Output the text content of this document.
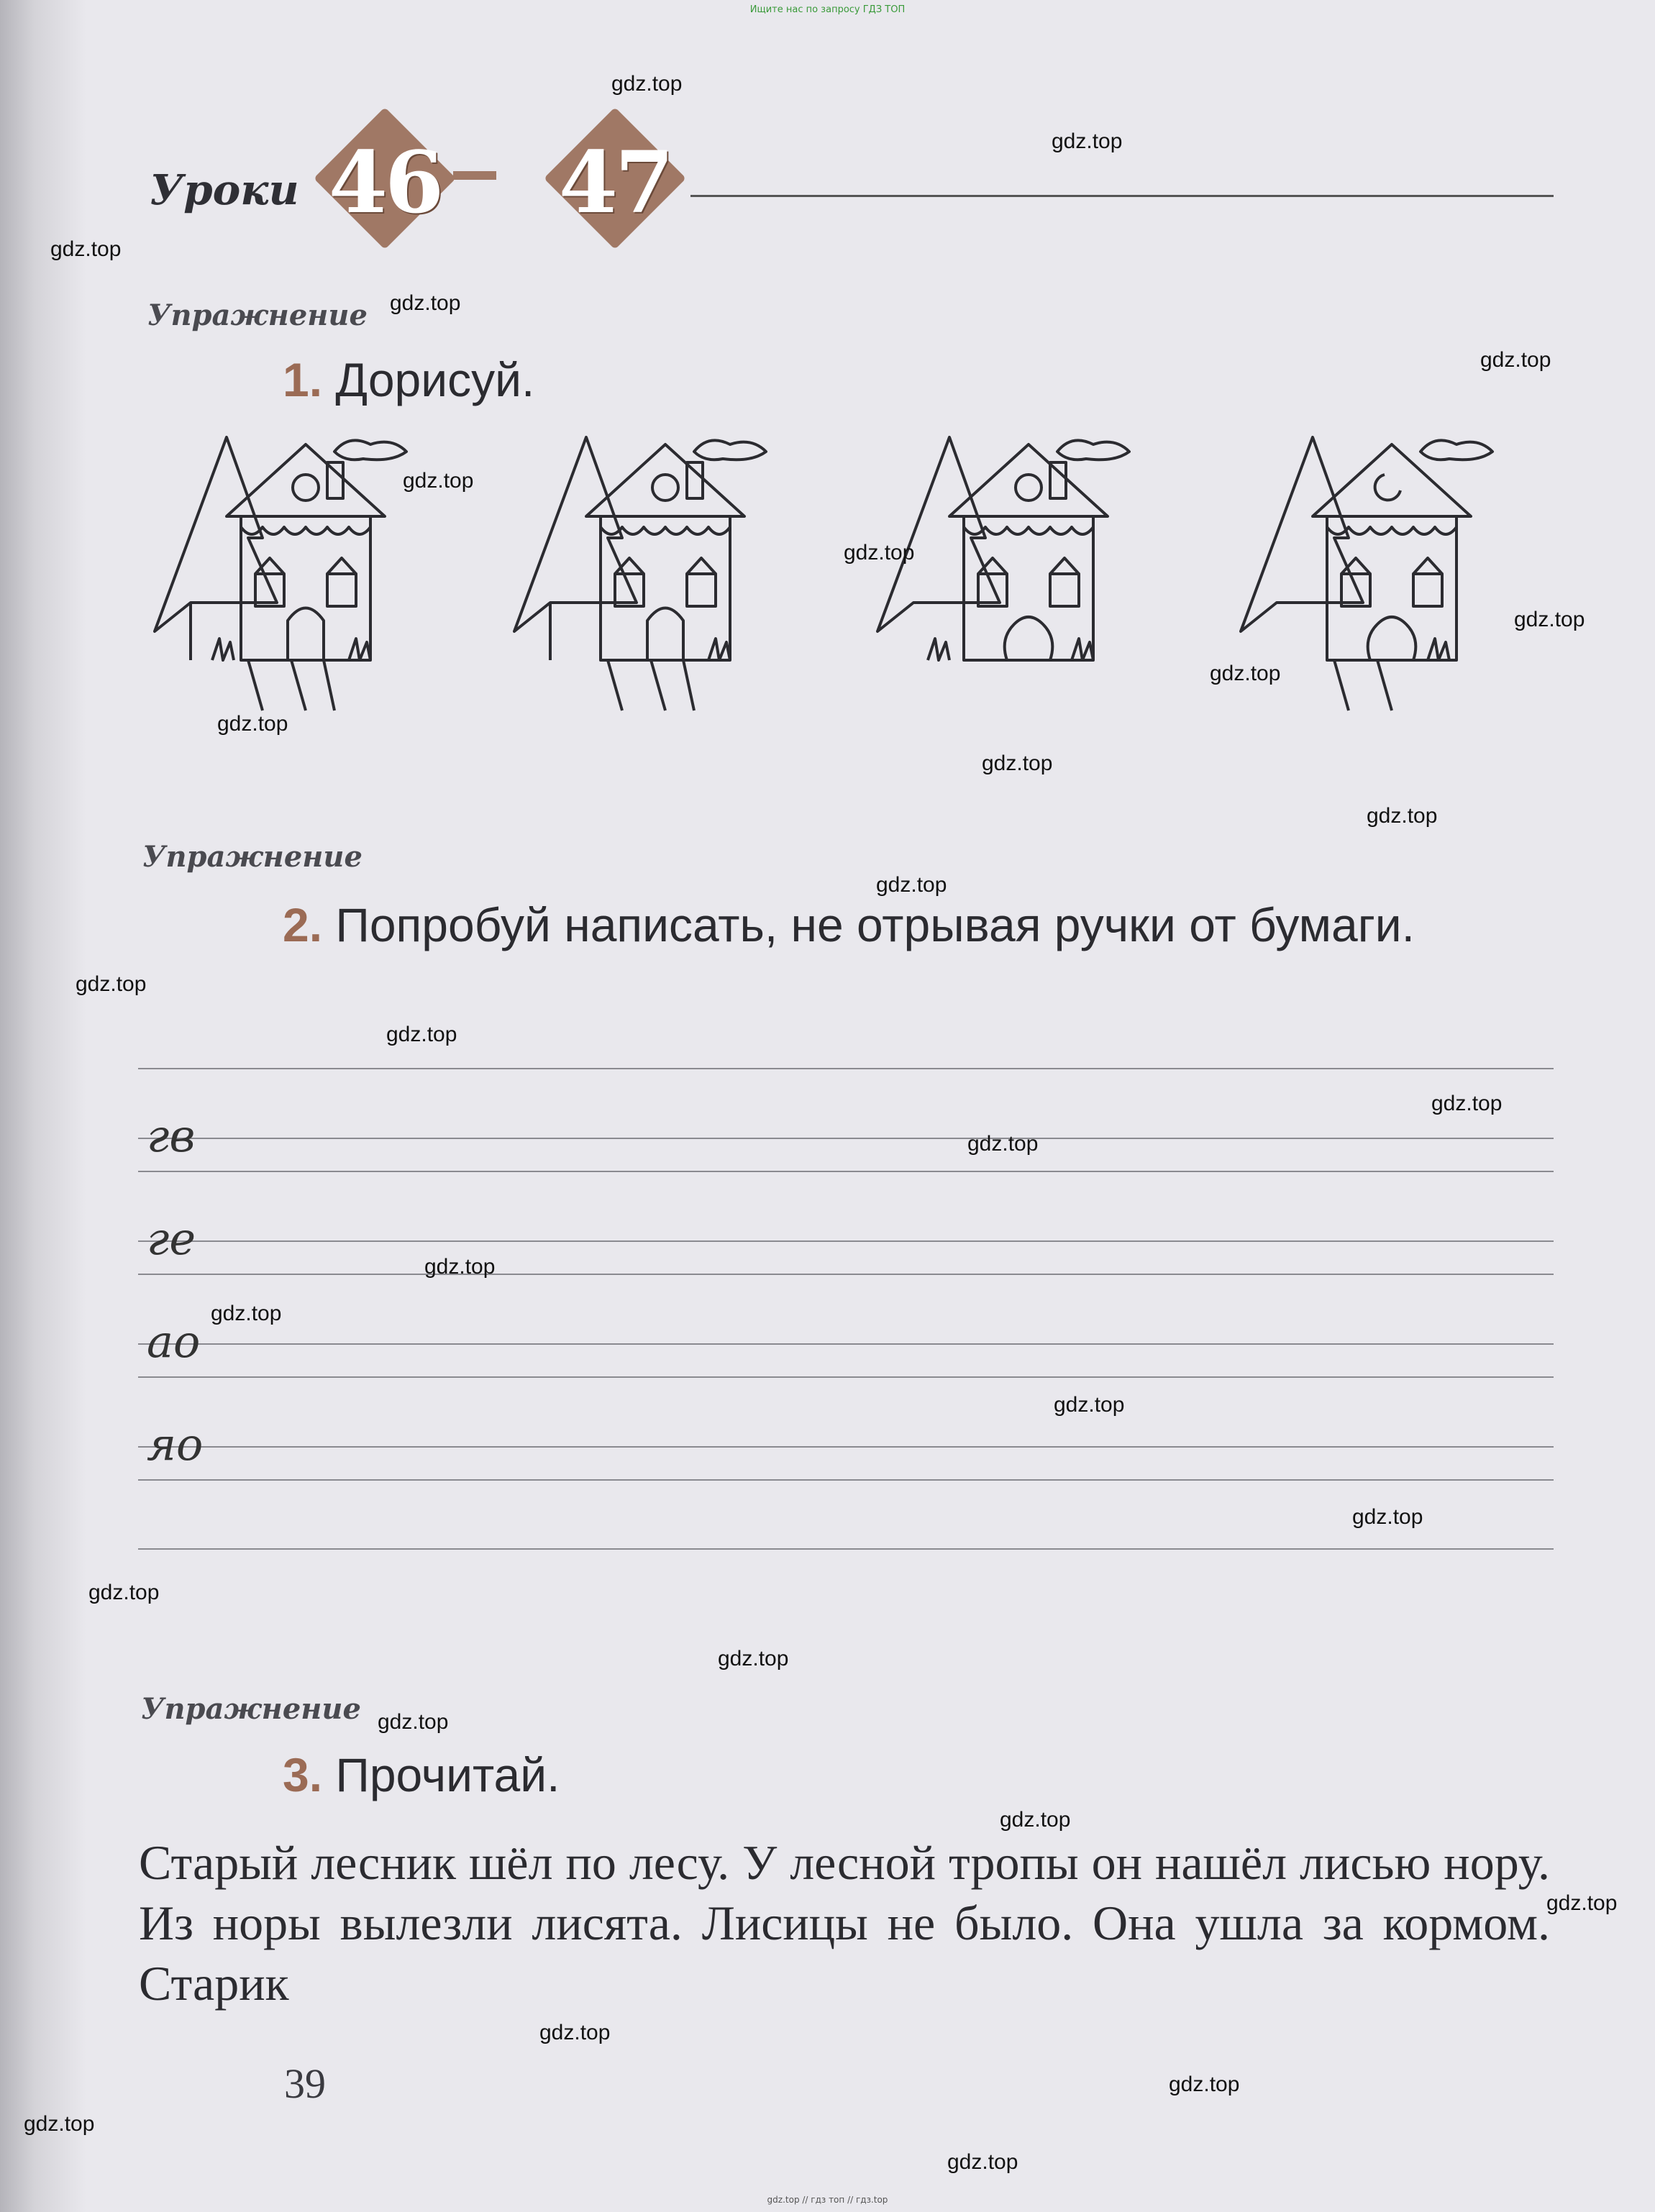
Ищите нас по запросу ГДЗ ТОП
Уроки 46 47
Упражнение
1. Дорисуй.
Упражнение
2. Попробуй написать, не отрывая ручки от бумаги.
гв
ге
ао
яо
Упражнение
3. Прочитай.
Старый лесник шёл по лесу. У лесной тропы он нашёл лисью нору. Из норы вылезли лисята. Лисицы не было. Она ушла за кормом. Старик
39
gdz.top
gdz.top
gdz.top
gdz.top
gdz.top
gdz.top
gdz.top
gdz.top
gdz.top
gdz.top
gdz.top
gdz.top
gdz.top
gdz.top
gdz.top
gdz.top
gdz.top
gdz.top
gdz.top
gdz.top
gdz.top
gdz.top
gdz.top
gdz.top
gdz.top
gdz.top
gdz.top
gdz.top
gdz.top
gdz.top
gdz.top // гдз топ // гдз.top
